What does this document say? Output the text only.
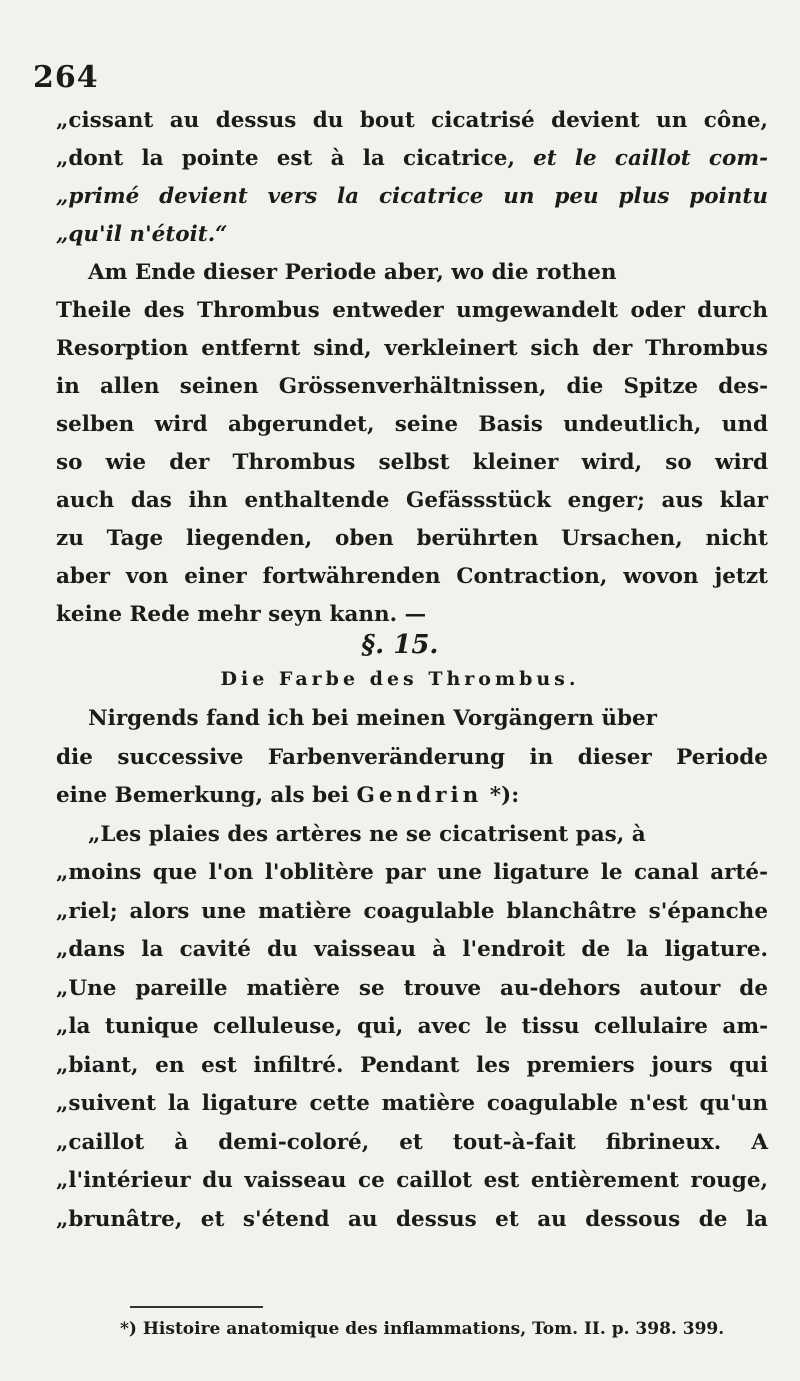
264
„cissant au dessus du bout cicatrisé devient un cône,
„dont la pointe est à la cicatrice, et le caillot com-
„primé devient vers la cicatrice un peu plus pointu
„qu'il n'étoit.“
Am Ende dieser Periode aber, wo die rothen
Theile des Thrombus entweder umgewandelt oder durch
Resorption entfernt sind, verkleinert sich der Thrombus
in allen seinen Grössenverhältnissen, die Spitze des-
selben wird abgerundet, seine Basis undeutlich, und
so wie der Thrombus selbst kleiner wird, so wird
auch das ihn enthaltende Gefässstück enger; aus klar
zu Tage liegenden, oben berührten Ursachen, nicht
aber von einer fortwährenden Contraction, wovon jetzt
keine Rede mehr seyn kann. —
§. 15.
Die Farbe des Thrombus.
Nirgends fand ich bei meinen Vorgängern über
die successive Farbenveränderung in dieser Periode
eine Bemerkung, als bei Gendrin *):
„Les plaies des artères ne se cicatrisent pas, à
„moins que l'on l'oblitère par une ligature le canal arté-
„riel; alors une matière coagulable blanchâtre s'épanche
„dans la cavité du vaisseau à l'endroit de la ligature.
„Une pareille matière se trouve au-dehors autour de
„la tunique celluleuse, qui, avec le tissu cellulaire am-
„biant, en est infiltré. Pendant les premiers jours qui
„suivent la ligature cette matière coagulable n'est qu'un
„caillot à demi-coloré, et tout-à-fait fibrineux. A
„l'intérieur du vaisseau ce caillot est entièrement rouge,
„brunâtre, et s'étend au dessus et au dessous de la
*) Histoire anatomique des inflammations, Tom. II. p. 398. 399.
